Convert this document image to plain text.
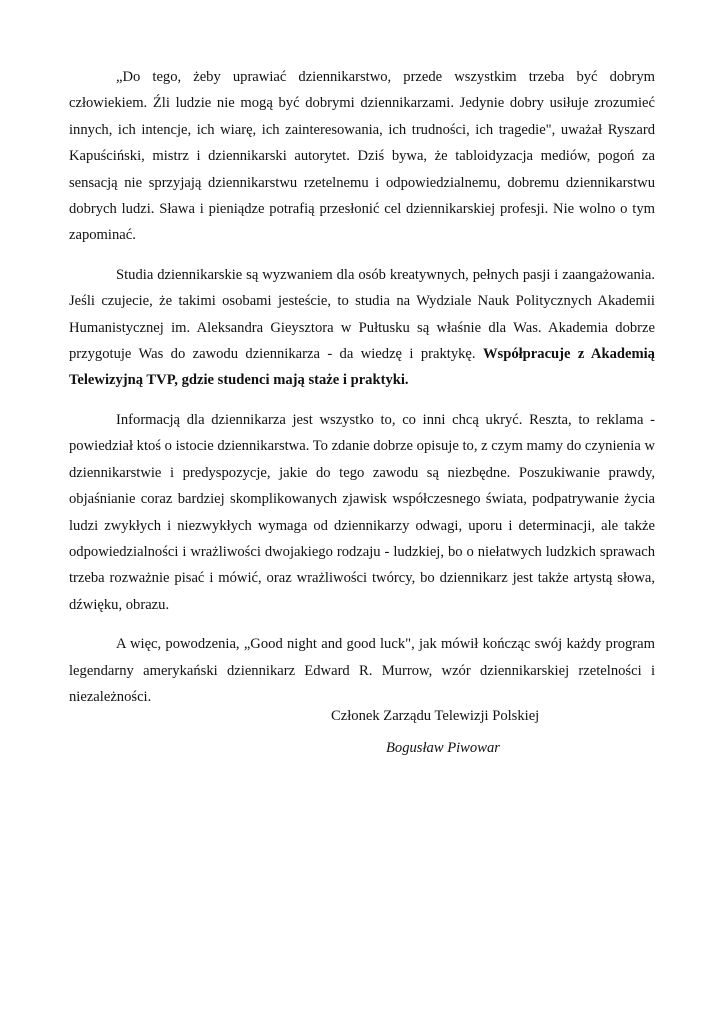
„Do tego, żeby uprawiać dziennikarstwo, przede wszystkim trzeba być dobrym człowiekiem. Źli ludzie nie mogą być dobrymi dziennikarzami. Jedynie dobry usiłuje zrozumieć innych, ich intencje, ich wiarę, ich zainteresowania, ich trudności, ich tragedie", uważał Ryszard Kapuściński, mistrz i dziennikarski autorytet. Dziś bywa, że tabloidyzacja mediów, pogoń za sensacją nie sprzyjają dziennikarstwu rzetelnemu i odpowiedzialnemu, dobremu dziennikarstwu dobrych ludzi. Sława i pieniądze potrafią przesłonić cel dziennikarskiej profesji. Nie wolno o tym zapominać.

Studia dziennikarskie są wyzwaniem dla osób kreatywnych, pełnych pasji i zaangażowania. Jeśli czujecie, że takimi osobami jesteście, to studia na Wydziale Nauk Politycznych Akademii Humanistycznej im. Aleksandra Gieysztora w Pułtusku są właśnie dla Was. Akademia dobrze przygotuje Was do zawodu dziennikarza - da wiedzę i praktykę. Współpracuje z Akademią Telewizyjną TVP, gdzie studenci mają staże i praktyki.

Informacją dla dziennikarza jest wszystko to, co inni chcą ukryć. Reszta, to reklama - powiedział ktoś o istocie dziennikarstwa. To zdanie dobrze opisuje to, z czym mamy do czynienia w dziennikarstwie i predyspozycje, jakie do tego zawodu są niezbędne. Poszukiwanie prawdy, objaśnianie coraz bardziej skomplikowanych zjawisk współczesnego świata, podpatrywanie życia ludzi zwykłych i niezwykłych wymaga od dziennikarzy odwagi, uporu i determinacji, ale także odpowiedzialności i wrażliwości dwojakiego rodzaju - ludzkiej, bo o niełatwych ludzkich sprawach trzeba rozważnie pisać i mówić, oraz wrażliwości twórcy, bo dziennikarz jest także artystą słowa, dźwięku, obrazu.

A więc, powodzenia, „Good night and good luck", jak mówił kończąc swój każdy program legendarny amerykański dziennikarz Edward R. Murrow, wzór dziennikarskiej rzetelności i niezależności.

Członek Zarządu Telewizji Polskiej
Bogusław Piwowar
